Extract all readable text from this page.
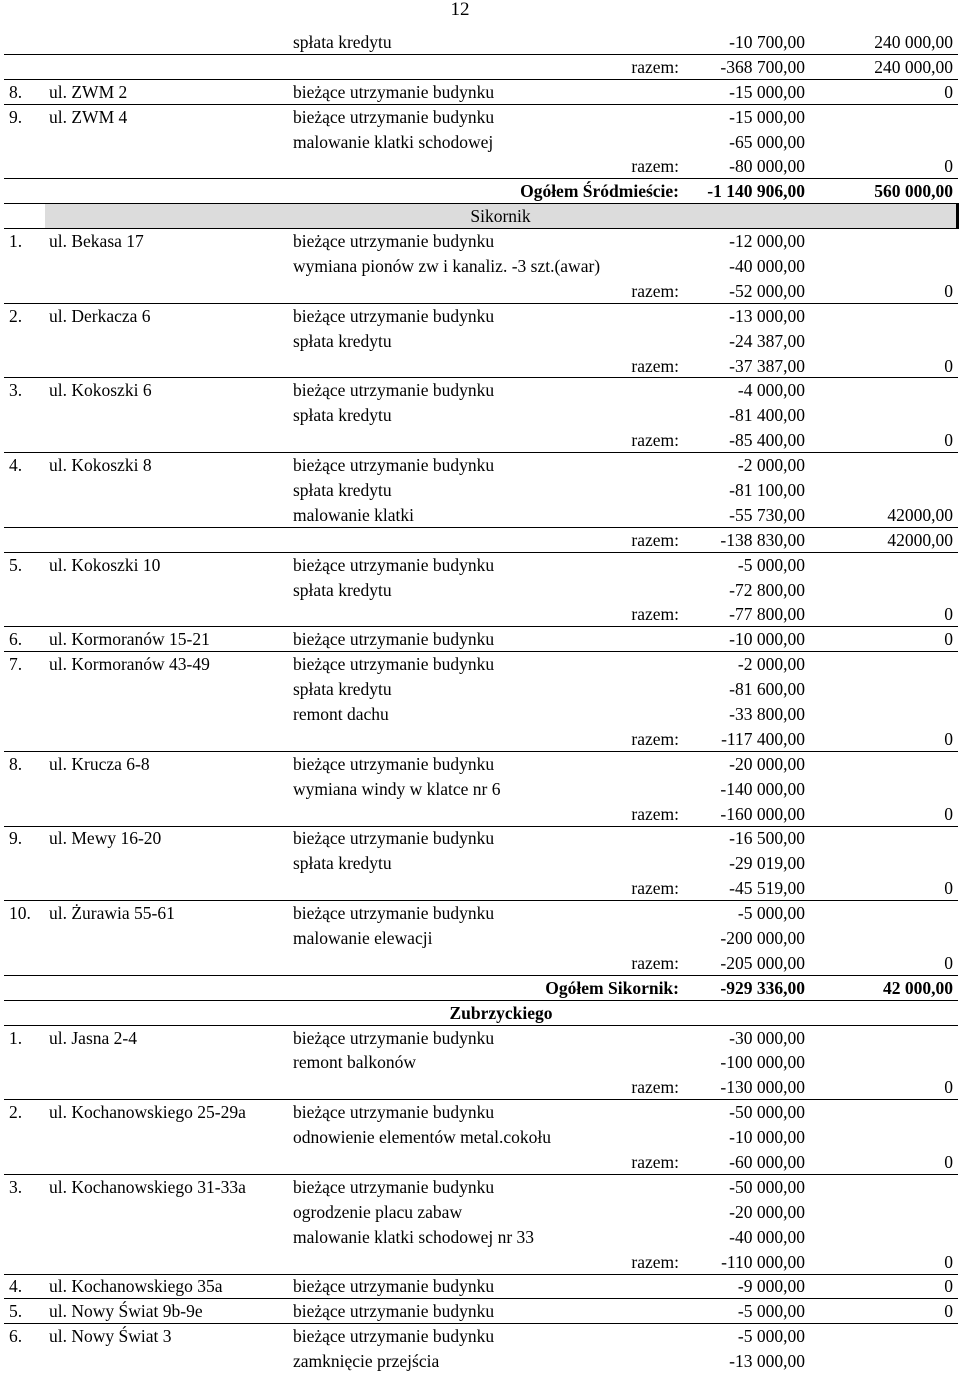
12
		spłata kredytu	-10 700,00	240 000,00
	razem:		-368 700,00	240 000,00
8.	ul. ZWM 2	bieżące utrzymanie budynku	-15 000,00	0
9.	ul. ZWM 4	bieżące utrzymanie budynku	-15 000,00	
		malowanie klatki schodowej	-65 000,00	
	razem:		-80 000,00	0
	Ogółem Śródmieście:		-1 140 906,00	560 000,00
	Sikornik			
1.	ul. Bekasa 17	bieżące utrzymanie budynku	-12 000,00	
		wymiana pionów zw i kanaliz. -3 szt.(awar)	-40 000,00	
	razem:		-52 000,00	0
2.	ul. Derkacza 6	bieżące utrzymanie budynku	-13 000,00	
		spłata kredytu	-24 387,00	
	razem:		-37 387,00	0
3.	ul. Kokoszki 6	bieżące utrzymanie budynku	-4 000,00	
		spłata kredytu	-81 400,00	
	razem:		-85 400,00	0
4.	ul. Kokoszki 8	bieżące utrzymanie budynku	-2 000,00	
		spłata kredytu	-81 100,00	
		malowanie klatki	-55 730,00	42000,00
	razem:		-138 830,00	42000,00
5.	ul. Kokoszki 10	bieżące utrzymanie budynku	-5 000,00	
		spłata kredytu	-72 800,00	
	razem:		-77 800,00	0
6.	ul. Kormoranów 15-21	bieżące utrzymanie budynku	-10 000,00	0
7.	ul. Kormoranów 43-49	bieżące utrzymanie budynku	-2 000,00	
		spłata kredytu	-81 600,00	
		remont dachu	-33 800,00	
	razem:		-117 400,00	0
8.	ul. Krucza 6-8	bieżące utrzymanie budynku	-20 000,00	
		wymiana windy w klatce nr 6	-140 000,00	
	razem:		-160 000,00	0
9.	ul. Mewy 16-20	bieżące utrzymanie budynku	-16 500,00	
		spłata kredytu	-29 019,00	
	razem:		-45 519,00	0
10.	ul. Żurawia 55-61	bieżące utrzymanie budynku	-5 000,00	
		malowanie elewacji	-200 000,00	
	razem:		-205 000,00	0
	Ogółem Sikornik:		-929 336,00	42 000,00
	Zubrzyckiego			
1.	ul. Jasna 2-4	bieżące utrzymanie budynku	-30 000,00	
		remont balkonów	-100 000,00	
	razem:		-130 000,00	0
2.	ul. Kochanowskiego 25-29a	bieżące utrzymanie budynku	-50 000,00	
		odnowienie elementów metal.cokołu	-10 000,00	
	razem:		-60 000,00	0
3.	ul. Kochanowskiego 31-33a	bieżące utrzymanie budynku	-50 000,00	
		ogrodzenie placu zabaw	-20 000,00	
		malowanie klatki schodowej nr 33	-40 000,00	
	razem:		-110 000,00	0
4.	ul. Kochanowskiego 35a	bieżące utrzymanie budynku	-9 000,00	0
5.	ul. Nowy Świat 9b-9e	bieżące utrzymanie budynku	-5 000,00	0
6.	ul. Nowy Świat 3	bieżące utrzymanie budynku	-5 000,00	
		zamknięcie przejścia	-13 000,00	
